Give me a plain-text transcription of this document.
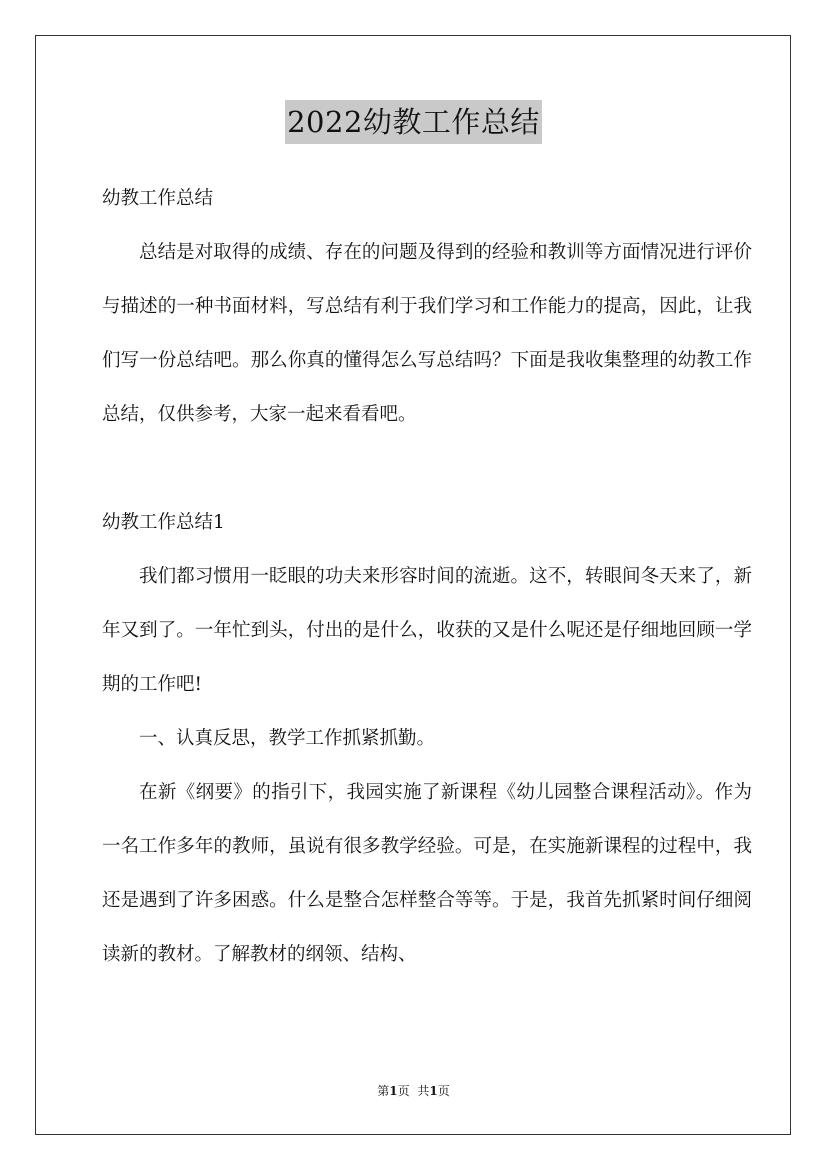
2022幼教工作总结

幼教工作总结

总结是对取得的成绩、存在的问题及得到的经验和教训等方面情况进行评价与描述的一种书面材料，写总结有利于我们学习和工作能力的提高，因此，让我们写一份总结吧。那么你真的懂得怎么写总结吗？下面是我收集整理的幼教工作总结，仅供参考，大家一起来看看吧。

幼教工作总结1

我们都习惯用一眨眼的功夫来形容时间的流逝。这不，转眼间冬天来了，新年又到了。一年忙到头，付出的是什么，收获的又是什么呢还是仔细地回顾一学期的工作吧!

一、认真反思，教学工作抓紧抓勤。

在新《纲要》的指引下，我园实施了新课程《幼儿园整合课程活动》。作为一名工作多年的教师，虽说有很多教学经验。可是，在实施新课程的过程中，我还是遇到了许多困惑。什么是整合怎样整合等等。于是，我首先抓紧时间仔细阅读新的教材。了解教材的纲领、结构、

第1页 共1页
